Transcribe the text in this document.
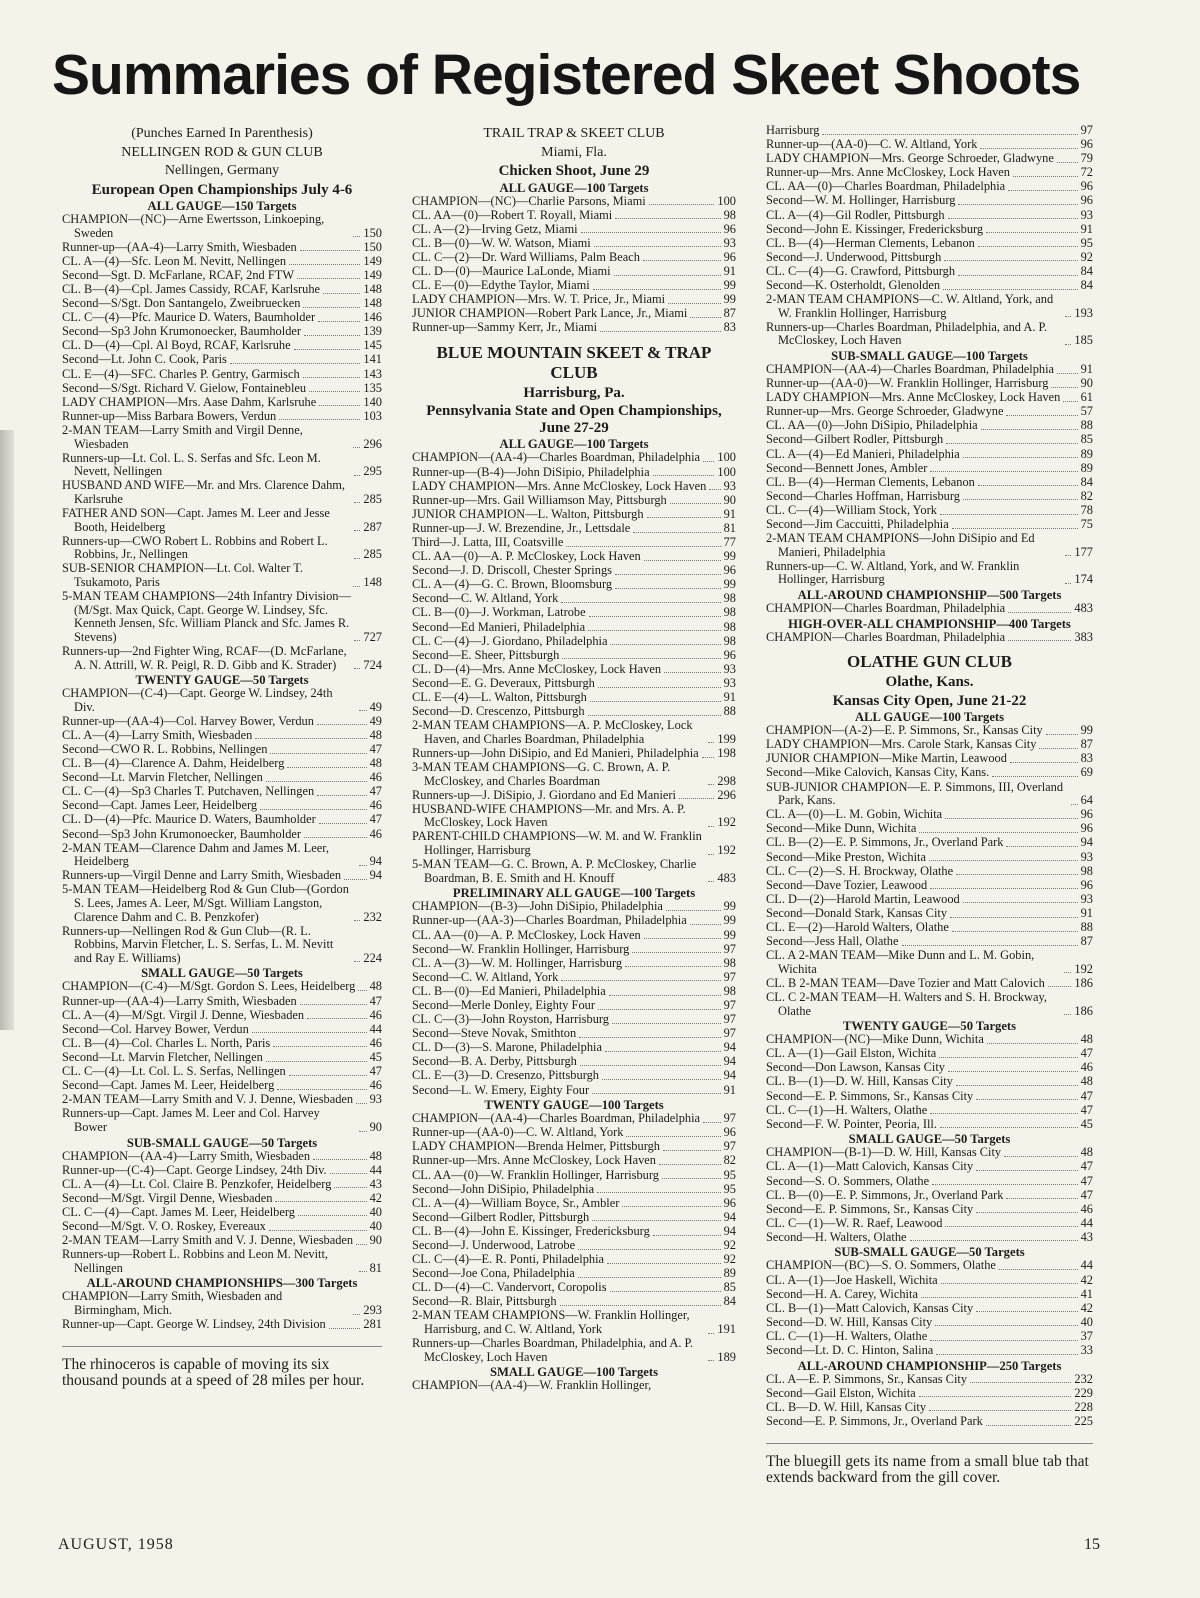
Summaries of Registered Skeet Shoots
(Punches Earned In Parenthesis)
NELLINGEN ROD & GUN CLUB
Nellingen, Germany
European Open Championships July 4-6
ALL GAUGE—150 Targets
CHAMPION—(NC)—Arne Ewertsson, Linkoeping, Sweden	150
Runner-up—(AA-4)—Larry Smith, Wiesbaden	150
CL. A—(4)—Sfc. Leon M. Nevitt, Nellingen	149
Second—Sgt. D. McFarlane, RCAF, 2nd FTW	149
CL. B—(4)—Cpl. James Cassidy, RCAF, Karlsruhe	148
Second—S/Sgt. Don Santangelo, Zweibruecken	148
CL. C—(4)—Pfc. Maurice D. Waters, Baumholder	146
Second—Sp3 John Krumonoecker, Baumholder	139
CL. D—(4)—Cpl. Al Boyd, RCAF, Karlsruhe	145
Second—Lt. John C. Cook, Paris	141
CL. E—(4)—SFC. Charles P. Gentry, Garmisch	143
Second—S/Sgt. Richard V. Gielow, Fontainebleu	135
LADY CHAMPION—Mrs. Aase Dahm, Karlsruhe	140
Runner-up—Miss Barbara Bowers, Verdun	103
2-MAN TEAM—Larry Smith and Virgil Denne, Wiesbaden	296
Runners-up—Lt. Col. L. S. Serfas and Sfc. Leon M. Nevett, Nellingen	295
HUSBAND AND WIFE—Mr. and Mrs. Clarence Dahm, Karlsruhe	285
FATHER AND SON—Capt. James M. Leer and Jesse Booth, Heidelberg	287
Runners-up—CWO Robert L. Robbins and Robert L. Robbins, Jr., Nellingen	285
SUB-SENIOR CHAMPION—Lt. Col. Walter T. Tsukamoto, Paris	148
5-MAN TEAM CHAMPIONS—24th Infantry Division—(M/Sgt. Max Quick, Capt. George W. Lindsey, Sfc. Kenneth Jensen, Sfc. William Planck and Sfc. James R. Stevens)	727
Runners-up—2nd Fighter Wing, RCAF—(D. McFarlane, A. N. Attrill, W. R. Peigl, R. D. Gibb and K. Strader)	724
TWENTY GAUGE—50 Targets
CHAMPION—(C-4)—Capt. George W. Lindsey, 24th Div.	49
Runner-up—(AA-4)—Col. Harvey Bower, Verdun	49
CL. A—(4)—Larry Smith, Wiesbaden	48
Second—CWO R. L. Robbins, Nellingen	47
CL. B—(4)—Clarence A. Dahm, Heidelberg	48
Second—Lt. Marvin Fletcher, Nellingen	46
CL. C—(4)—Sp3 Charles T. Putchaven, Nellingen	47
Second—Capt. James Leer, Heidelberg	46
CL. D—(4)—Pfc. Maurice D. Waters, Baumholder	47
Second—Sp3 John Krumonoecker, Baumholder	46
2-MAN TEAM—Clarence Dahm and James M. Leer, Heidelberg	94
Runners-up—Virgil Denne and Larry Smith, Wiesbaden 94
5-MAN TEAM—Heidelberg Rod & Gun Club—(Gordon S. Lees, James A. Leer, M/Sgt. William Langston, Clarence Dahm and C. B. Penzkofer)	232
Runners-up—Nellingen Rod & Gun Club—(R. L. Robbins, Marvin Fletcher, L. S. Serfas, L. M. Nevitt and Ray E. Williams)	224
SMALL GAUGE—50 Targets
CHAMPION—(C-4)—M/Sgt. Gordon S. Lees, Heidelberg 48
Runner-up—(AA-4)—Larry Smith, Wiesbaden	47
CL. A—(4)—M/Sgt. Virgil J. Denne, Wiesbaden	46
Second—Col. Harvey Bower, Verdun	44
CL. B—(4)—Col. Charles L. North, Paris	46
Second—Lt. Marvin Fletcher, Nellingen	45
CL. C—(4)—Lt. Col. L. S. Serfas, Nellingen	47
Second—Capt. James M. Leer, Heidelberg	46
2-MAN TEAM—Larry Smith and V. J. Denne, Wiesbaden 93
Runners-up—Capt. James M. Leer and Col. Harvey Bower	90
SUB-SMALL GAUGE—50 Targets
CHAMPION—(AA-4)—Larry Smith, Wiesbaden	48
Runner-up—(C-4)—Capt. George Lindsey, 24th Div.	44
CL. A—(4)—Lt. Col. Claire B. Penzkofer, Heidelberg	43
Second—M/Sgt. Virgil Denne, Wiesbaden	42
CL. C—(4)—Capt. James M. Leer, Heidelberg	40
Second—M/Sgt. V. O. Roskey, Evereaux	40
2-MAN TEAM—Larry Smith and V. J. Denne, Wiesbaden 90
Runners-up—Robert L. Robbins and Leon M. Nevitt, Nellingen	81
ALL-AROUND CHAMPIONSHIPS—300 Targets
CHAMPION—Larry Smith, Wiesbaden and Birmingham, Mich.	293
Runner-up—Capt. George W. Lindsey, 24th Division	281
The rhinoceros is capable of moving its six thousand pounds at a speed of 28 miles per hour.
TRAIL TRAP & SKEET CLUB
Miami, Fla.
Chicken Shoot, June 29
ALL GAUGE—100 Targets
CHAMPION—(NC)—Charlie Parsons, Miami	100
CL. AA—(0)—Robert T. Royall, Miami	98
CL. A—(2)—Irving Getz, Miami	96
CL. B—(0)—W. W. Watson, Miami	93
CL. C—(2)—Dr. Ward Williams, Palm Beach	96
CL. D—(0)—Maurice LaLonde, Miami	91
CL. E—(0)—Edythe Taylor, Miami	99
LADY CHAMPION—Mrs. W. T. Price, Jr., Miami	99
JUNIOR CHAMPION—Robert Park Lance, Jr., Miami	87
Runner-up—Sammy Kerr, Jr., Miami	83
BLUE MOUNTAIN SKEET & TRAP CLUB
Harrisburg, Pa.
Pennsylvania State and Open Championships, June 27-29
ALL GAUGE—100 Targets
CHAMPION—(AA-4)—Charles Boardman, Philadelphia 100
Runner-up—(B-4)—John DiSipio, Philadelphia	100
LADY CHAMPION—Mrs. Anne McCloskey, Lock Haven 93
Runner-up—Mrs. Gail Williamson May, Pittsburgh	90
JUNIOR CHAMPION—L. Walton, Pittsburgh	91
Runner-up—J. W. Brezendine, Jr., Lettsdale	81
Third—J. Latta, III, Coatsville	77
CL. AA—(0)—A. P. McCloskey, Lock Haven	99
Second—J. D. Driscoll, Chester Springs	96
CL. A—(4)—G. C. Brown, Bloomsburg	99
Second—C. W. Altland, York	98
CL. B—(0)—J. Workman, Latrobe	98
Second—Ed Manieri, Philadelphia	98
CL. C—(4)—J. Giordano, Philadelphia	98
Second—E. Sheer, Pittsburgh	96
CL. D—(4)—Mrs. Anne McCloskey, Lock Haven	93
Second—E. G. Deveraux, Pittsburgh	93
CL. E—(4)—L. Walton, Pittsburgh	91
Second—D. Crescenzo, Pittsburgh	88
2-MAN TEAM CHAMPIONS—A. P. McCloskey, Lock Haven, and Charles Boardman, Philadelphia	199
Runners-up—John DiSipio, and Ed Manieri, Philadelphia 198
3-MAN TEAM CHAMPIONS—G. C. Brown, A. P. McCloskey, and Charles Boardman	298
Runners-up—J. DiSipio, J. Giordano and Ed Manieri	296
HUSBAND-WIFE CHAMPIONS—Mr. and Mrs. A. P. McCloskey, Lock Haven	192
PARENT-CHILD CHAMPIONS—W. M. and W. Franklin Hollinger, Harrisburg	192
5-MAN TEAM—G. C. Brown, A. P. McCloskey, Charlie Boardman, B. E. Smith and H. Knouff	483
PRELIMINARY ALL GAUGE—100 Targets
CHAMPION—(B-3)—John DiSipio, Philadelphia	99
Runner-up—(AA-3)—Charles Boardman, Philadelphia	99
CL. AA—(0)—A. P. McCloskey, Lock Haven	99
Second—W. Franklin Hollinger, Harrisburg	97
CL. A—(3)—W. M. Hollinger, Harrisburg	98
Second—C. W. Altland, York	97
CL. B—(0)—Ed Manieri, Philadelphia	98
Second—Merle Donley, Eighty Four	97
CL. C—(3)—John Royston, Harrisburg	97
Second—Steve Novak, Smithton	97
CL. D—(3)—S. Marone, Philadelphia	94
Second—B. A. Derby, Pittsburgh	94
CL. E—(3)—D. Cresenzo, Pittsburgh	94
Second—L. W. Emery, Eighty Four	91
TWENTY GAUGE—100 Targets
CHAMPION—(AA-4)—Charles Boardman, Philadelphia 97
Runner-up—(AA-0)—C. W. Altland, York	96
LADY CHAMPION—Brenda Helmer, Pittsburgh	97
Runner-up—Mrs. Anne McCloskey, Lock Haven	82
CL. AA—(0)—W. Franklin Hollinger, Harrisburg	95
Second—John DiSipio, Philadelphia	95
CL. A—(4)—William Boyce, Sr., Ambler	96
Second—Gilbert Rodler, Pittsburgh	94
CL. B—(4)—John E. Kissinger, Fredericksburg	94
Second—J. Underwood, Latrobe	92
CL. C—(4)—E. R. Ponti, Philadelphia	92
Second—Joe Cona, Philadelphia	89
CL. D—(4)—C. Vandervort, Coropolis	85
Second—R. Blair, Pittsburgh	84
2-MAN TEAM CHAMPIONS—W. Franklin Hollinger, Harrisburg, and C. W. Altland, York	191
Runners-up—Charles Boardman, Philadelphia, and A. P. McCloskey, Loch Haven	189
SMALL GAUGE—100 Targets
CHAMPION—(AA-4)—W. Franklin Hollinger,
Harrisburg	97
Runner-up—(AA-0)—C. W. Altland, York	96
LADY CHAMPION—Mrs. George Schroeder, Gladwyne 79
Runner-up—Mrs. Anne McCloskey, Lock Haven	72
CL. AA—(0)—Charles Boardman, Philadelphia	96
Second—W. M. Hollinger, Harrisburg	96
CL. A—(4)—Gil Rodler, Pittsburgh	93
Second—John E. Kissinger, Fredericksburg	91
CL. B—(4)—Herman Clements, Lebanon	95
Second—J. Underwood, Pittsburgh	92
CL. C—(4)—G. Crawford, Pittsburgh	84
Second—K. Osterholdt, Glenolden	84
2-MAN TEAM CHAMPIONS—C. W. Altland, York, and W. Franklin Hollinger, Harrisburg	193
Runners-up—Charles Boardman, Philadelphia, and A. P. McCloskey, Loch Haven	185
SUB-SMALL GAUGE—100 Targets
CHAMPION—(AA-4)—Charles Boardman, Philadelphia 91
Runner-up—(AA-0)—W. Franklin Hollinger, Harrisburg	90
LADY CHAMPION—Mrs. Anne McCloskey, Lock Haven 61
Runner-up—Mrs. George Schroeder, Gladwyne	57
CL. AA—(0)—John DiSipio, Philadelphia	88
Second—Gilbert Rodler, Pittsburgh	85
CL. A—(4)—Ed Manieri, Philadelphia	89
Second—Bennett Jones, Ambler	89
CL. B—(4)—Herman Clements, Lebanon	84
Second—Charles Hoffman, Harrisburg	82
CL. C—(4)—William Stock, York	78
Second—Jim Caccuitti, Philadelphia	75
2-MAN TEAM CHAMPIONS—John DiSipio and Ed Manieri, Philadelphia	177
Runners-up—C. W. Altland, York, and W. Franklin Hollinger, Harrisburg	174
ALL-AROUND CHAMPIONSHIP—500 Targets
CHAMPION—Charles Boardman, Philadelphia	483
HIGH-OVER-ALL CHAMPIONSHIP—400 Targets
CHAMPION—Charles Boardman, Philadelphia	383
OLATHE GUN CLUB
Olathe, Kans.
Kansas City Open, June 21-22
ALL GAUGE—100 Targets
CHAMPION—(A-2)—E. P. Simmons, Sr., Kansas City	99
LADY CHAMPION—Mrs. Carole Stark, Kansas City	87
JUNIOR CHAMPION—Mike Martin, Leawood	83
Second—Mike Calovich, Kansas City, Kans.	69
SUB-JUNIOR CHAMPION—E. P. Simmons, III, Overland Park, Kans.	64
CL. A—(0)—L. M. Gobin, Wichita	96
Second—Mike Dunn, Wichita	96
CL. B—(2)—E. P. Simmons, Jr., Overland Park	94
Second—Mike Preston, Wichita	93
CL. C—(2)—S. H. Brockway, Olathe	98
Second—Dave Tozier, Leawood	96
CL. D—(2)—Harold Martin, Leawood	93
Second—Donald Stark, Kansas City	91
CL. E—(2)—Harold Walters, Olathe	88
Second—Jess Hall, Olathe	87
CL. A 2-MAN TEAM—Mike Dunn and L. M. Gobin, Wichita	192
CL. B 2-MAN TEAM—Dave Tozier and Matt Calovich 186
CL. C 2-MAN TEAM—H. Walters and S. H. Brockway, Olathe	186
TWENTY GAUGE—50 Targets
CHAMPION—(NC)—Mike Dunn, Wichita	48
CL. A—(1)—Gail Elston, Wichita	47
Second—Don Lawson, Kansas City	46
CL. B—(1)—D. W. Hill, Kansas City	48
Second—E. P. Simmons, Sr., Kansas City	47
CL. C—(1)—H. Walters, Olathe	47
Second—F. W. Pointer, Peoria, Ill.	45
SMALL GAUGE—50 Targets
CHAMPION—(B-1)—D. W. Hill, Kansas City	48
CL. A—(1)—Matt Calovich, Kansas City	47
Second—S. O. Sommers, Olathe	47
CL. B—(0)—E. P. Simmons, Jr., Overland Park	47
Second—E. P. Simmons, Sr., Kansas City	46
CL. C—(1)—W. R. Raef, Leawood	44
Second—H. Walters, Olathe	43
SUB-SMALL GAUGE—50 Targets
CHAMPION—(BC)—S. O. Sommers, Olathe	44
CL. A—(1)—Joe Haskell, Wichita	42
Second—H. A. Carey, Wichita	41
CL. B—(1)—Matt Calovich, Kansas City	42
Second—D. W. Hill, Kansas City	40
CL. C—(1)—H. Walters, Olathe	37
Second—Lt. D. C. Hinton, Salina	33
ALL-AROUND CHAMPIONSHIP—250 Targets
CL. A—E. P. Simmons, Sr., Kansas City	232
Second—Gail Elston, Wichita	229
CL. B—D. W. Hill, Kansas City	228
Second—E. P. Simmons, Jr., Overland Park	225
The bluegill gets its name from a small blue tab that extends backward from the gill cover.
AUGUST, 1958	15
